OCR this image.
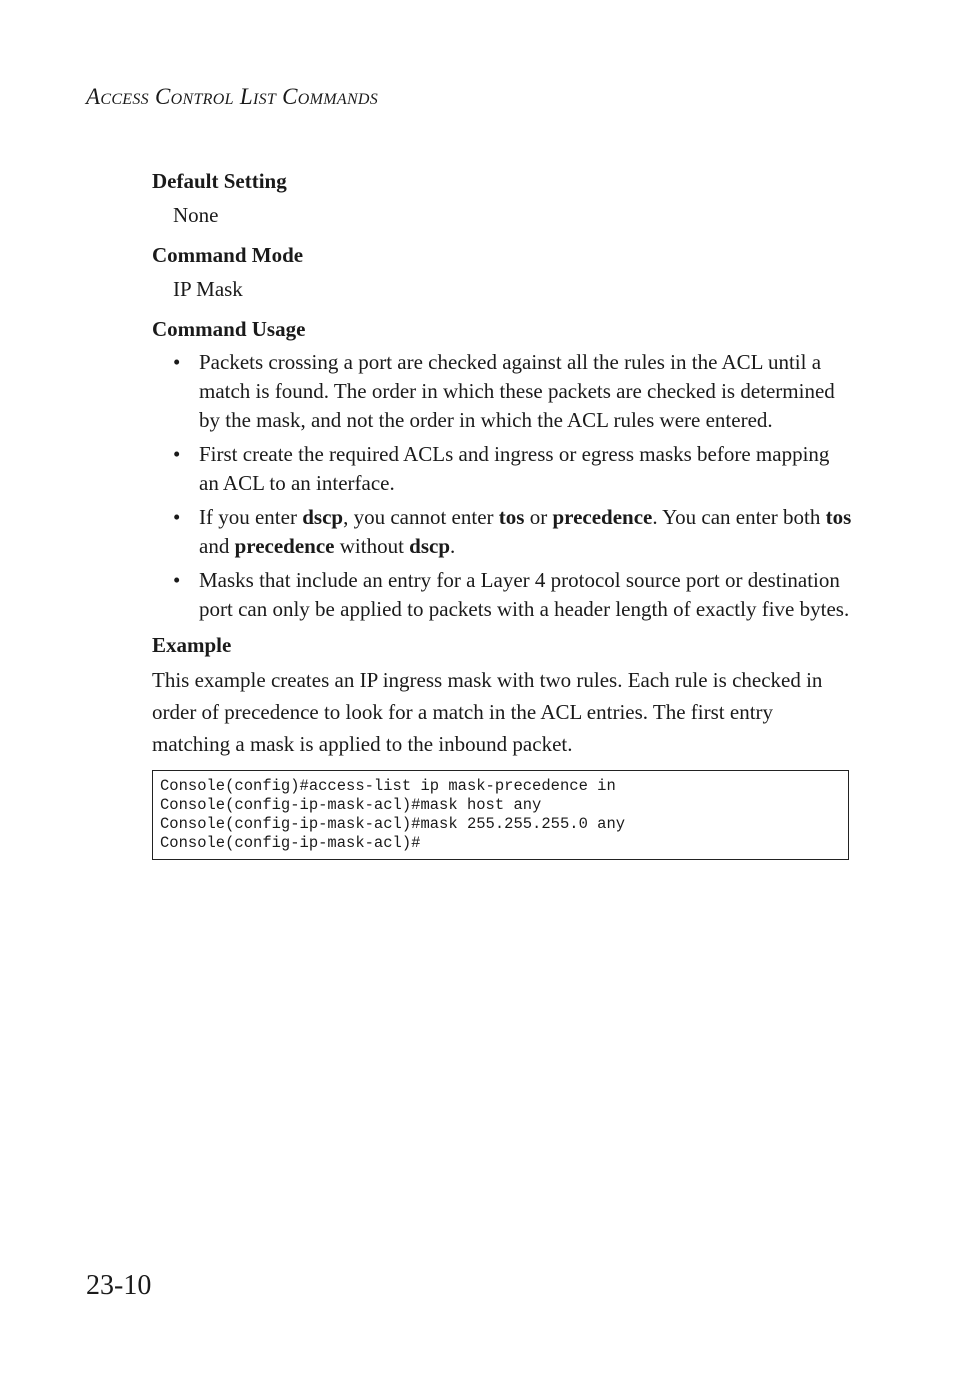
Access Control List Commands

Default Setting

None

Command Mode

IP Mask

Command Usage

• Packets crossing a port are checked against all the rules in the ACL until a match is found. The order in which these packets are checked is determined by the mask, and not the order in which the ACL rules were entered.
• First create the required ACLs and ingress or egress masks before mapping an ACL to an interface.
• If you enter dscp, you cannot enter tos or precedence. You can enter both tos and precedence without dscp.
• Masks that include an entry for a Layer 4 protocol source port or destination port can only be applied to packets with a header length of exactly five bytes.

Example

This example creates an IP ingress mask with two rules. Each rule is checked in order of precedence to look for a match in the ACL entries. The first entry matching a mask is applied to the inbound packet.

Console(config)#access-list ip mask-precedence in
Console(config-ip-mask-acl)#mask host any
Console(config-ip-mask-acl)#mask 255.255.255.0 any
Console(config-ip-mask-acl)#
23-10
